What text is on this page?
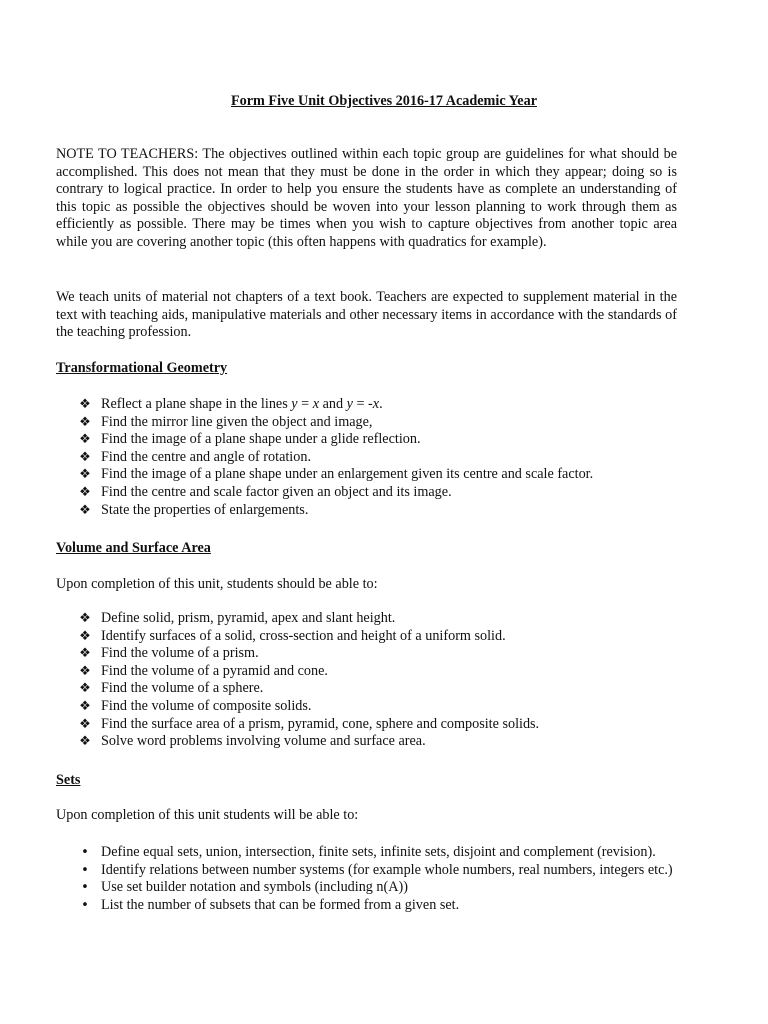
Form Five Unit Objectives 2016-17 Academic Year

NOTE TO TEACHERS: The objectives outlined within each topic group are guidelines for what should be accomplished. This does not mean that they must be done in the order in which they appear; doing so is contrary to logical practice. In order to help you ensure the students have as complete an understanding of this topic as possible the objectives should be woven into your lesson planning to work through them as efficiently as possible. There may be times when you wish to capture objectives from another topic area while you are covering another topic (this often happens with quadratics for example).

We teach units of material not chapters of a text book. Teachers are expected to supplement material in the text with teaching aids, manipulative materials and other necessary items in accordance with the standards of the teaching profession.

Transformational Geometry
❖ Reflect a plane shape in the lines y = x and y = -x.
❖ Find the mirror line given the object and image,
❖ Find the image of a plane shape under a glide reflection.
❖ Find the centre and angle of rotation.
❖ Find the image of a plane shape under an enlargement given its centre and scale factor.
❖ Find the centre and scale factor given an object and its image.
❖ State the properties of enlargements.
Volume and Surface Area

Upon completion of this unit, students should be able to:

❖ Define solid, prism, pyramid, apex and slant height.
❖ Identify surfaces of a solid, cross-section and height of a uniform solid.
❖ Find the volume of a prism.
❖ Find the volume of a pyramid and cone.
❖ Find the volume of a sphere.
❖ Find the volume of composite solids.
❖ Find the surface area of a prism, pyramid, cone, sphere and composite solids.
❖ Solve word problems involving volume and surface area.
Sets

Upon completion of this unit students will be able to:

• Define equal sets, union, intersection, finite sets, infinite sets, disjoint and complement (revision).
• Identify relations between number systems (for example whole numbers, real numbers, integers etc.)
• Use set builder notation and symbols (including n(A))
• List the number of subsets that can be formed from a given set.
